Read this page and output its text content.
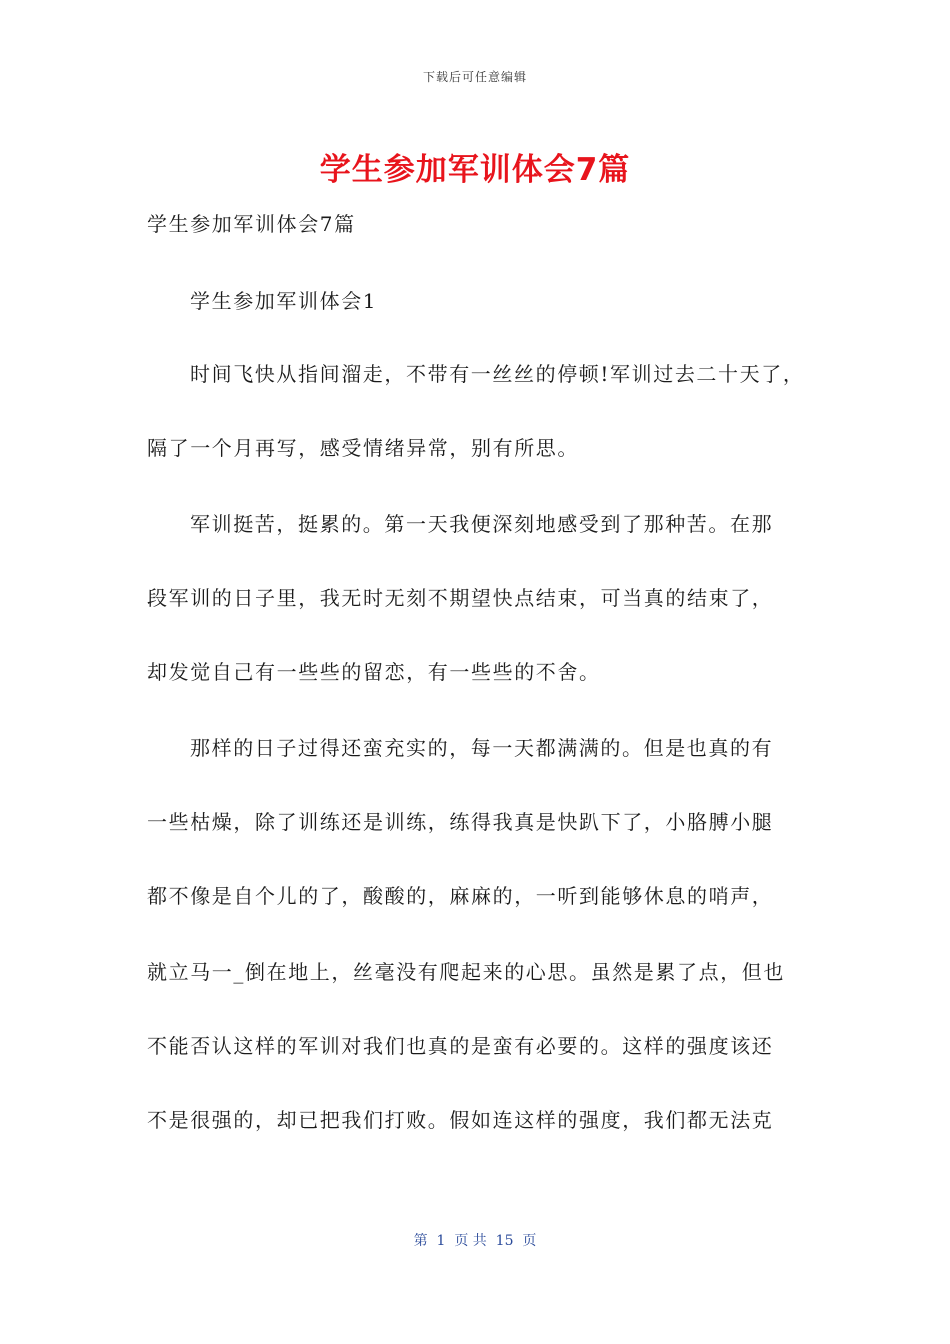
下载后可任意编辑
学生参加军训体会7篇
学生参加军训体会7篇
学生参加军训体会1
时间飞快从指间溜走，不带有一丝丝的停顿!军训过去二十天了，
隔了一个月再写，感受情绪异常，别有所思。
军训挺苦，挺累的。第一天我便深刻地感受到了那种苦。在那
段军训的日子里，我无时无刻不期望快点结束，可当真的结束了，
却发觉自己有一些些的留恋，有一些些的不舍。
那样的日子过得还蛮充实的，每一天都满满的。但是也真的有
一些枯燥，除了训练还是训练，练得我真是快趴下了，小胳膊小腿
都不像是自个儿的了，酸酸的，麻麻的，一听到能够休息的哨声，
就立马一_倒在地上，丝毫没有爬起来的心思。虽然是累了点，但也
不能否认这样的军训对我们也真的是蛮有必要的。这样的强度该还
不是很强的，却已把我们打败。假如连这样的强度，我们都无法克
第  1  页 共  15  页
